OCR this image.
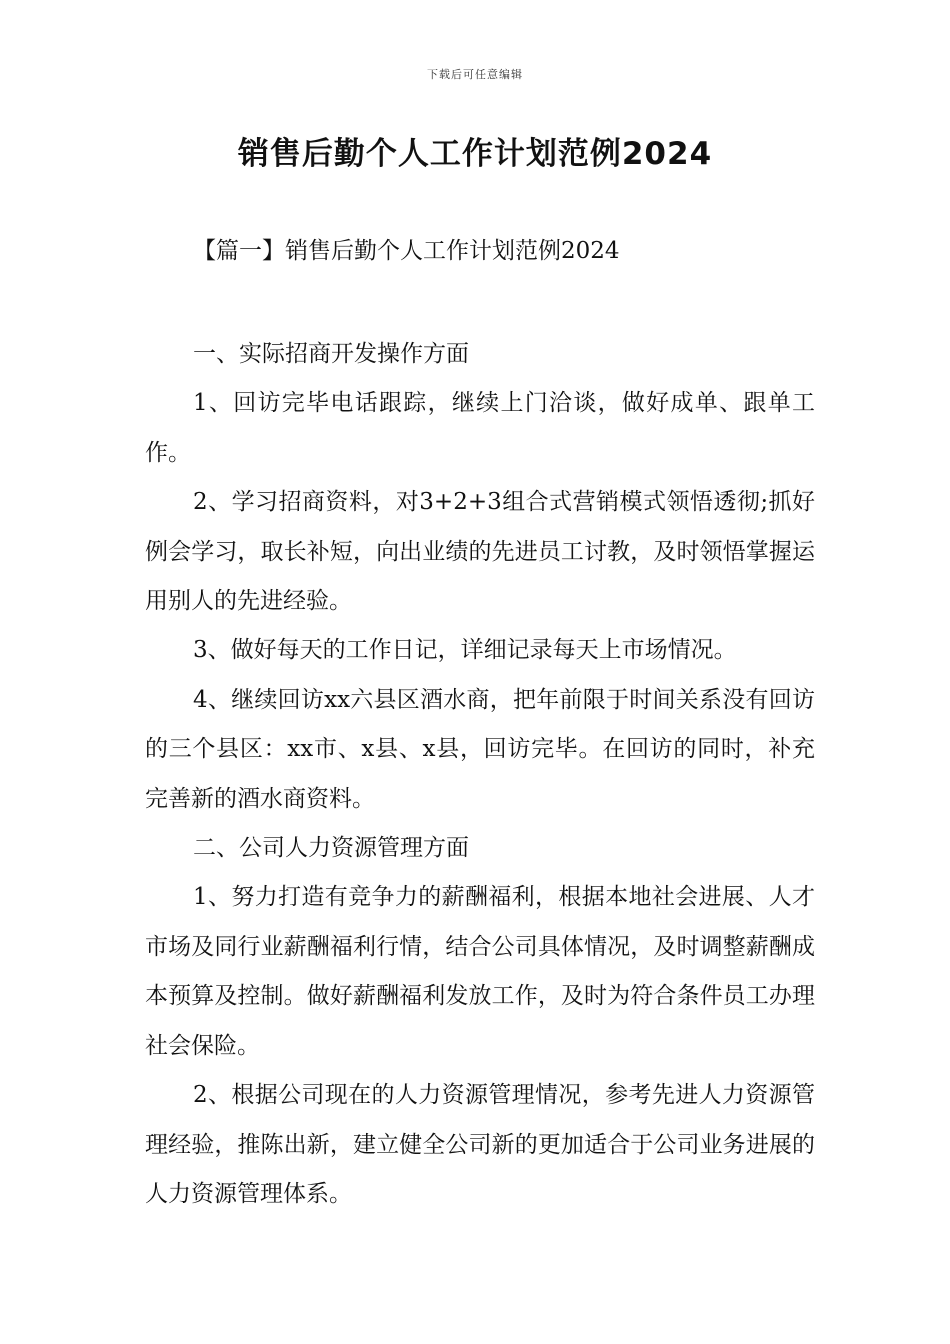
下载后可任意编辑
销售后勤个人工作计划范例2024
【篇一】销售后勤个人工作计划范例2024

一、实际招商开发操作方面

1、回访完毕电话跟踪，继续上门洽谈，做好成单、跟单工作。

2、学习招商资料，对3+2+3组合式营销模式领悟透彻;抓好例会学习，取长补短，向出业绩的先进员工讨教，及时领悟掌握运用别人的先进经验。

3、做好每天的工作日记，详细记录每天上市场情况。

4、继续回访xx六县区酒水商，把年前限于时间关系没有回访的三个县区：xx市、x县、x县，回访完毕。在回访的同时，补充完善新的酒水商资料。

二、公司人力资源管理方面

1、努力打造有竞争力的薪酬福利，根据本地社会进展、人才市场及同行业薪酬福利行情，结合公司具体情况，及时调整薪酬成本预算及控制。做好薪酬福利发放工作，及时为符合条件员工办理社会保险。

2、根据公司现在的人力资源管理情况，参考先进人力资源管理经验，推陈出新，建立健全公司新的更加适合于公司业务进展的人力资源管理体系。
